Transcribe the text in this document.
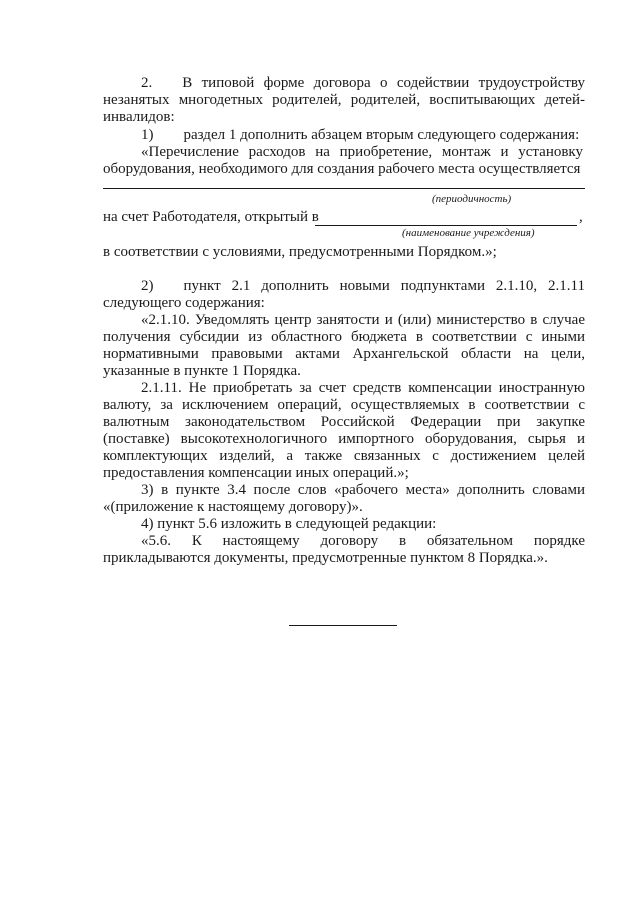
2.  В типовой форме договора о содействии трудоустройству незанятых многодетных родителей, родителей, воспитывающих детей-инвалидов:
1)  раздел 1 дополнить абзацем вторым следующего содержания:
«Перечисление расходов на приобретение, монтаж и установку оборудования, необходимого для создания рабочего места осуществляется
(периодичность)
на счет Работодателя, открытый в	,
(наименование учреждения)
в соответствии с условиями, предусмотренными Порядком.»;
2)  пункт 2.1 дополнить новыми подпунктами 2.1.10, 2.1.11 следующего содержания:
«2.1.10. Уведомлять центр занятости и (или) министерство в случае получения субсидии из областного бюджета в соответствии с иными нормативными правовыми актами Архангельской области на цели, указанные в пункте 1 Порядка.
2.1.11. Не приобретать за счет средств компенсации иностранную валюту, за исключением операций, осуществляемых в соответствии с валютным законодательством Российской Федерации при закупке (поставке) высокотехнологичного импортного оборудования, сырья и комплектующих изделий, а также связанных с достижением целей предоставления компенсации иных операций.»;
3) в пункте 3.4 после слов «рабочего места» дополнить словами «(приложение к настоящему договору)».
4) пункт 5.6 изложить в следующей редакции:
«5.6. К настоящему договору в обязательном порядке прикладываются документы, предусмотренные пунктом 8 Порядка.».
